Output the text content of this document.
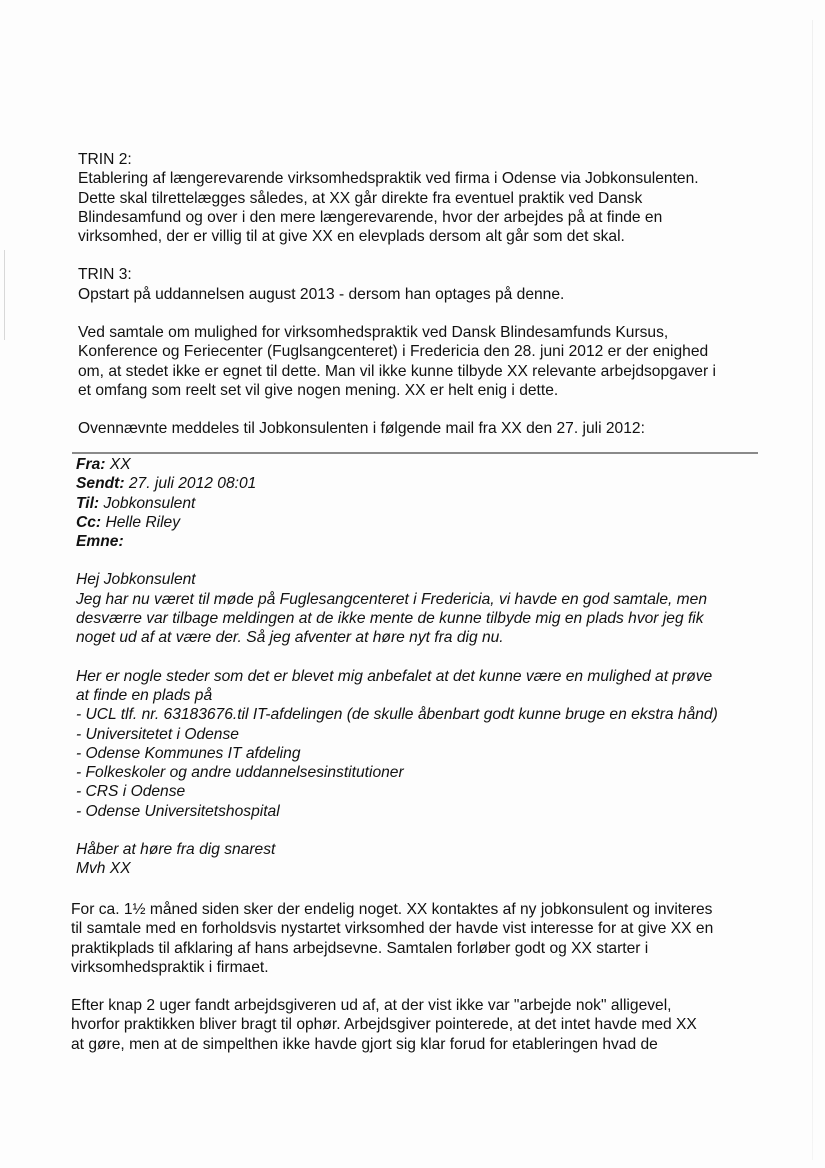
TRIN 2:
Etablering af længerevarende virksomhedspraktik ved firma i Odense via Jobkonsulenten.
Dette skal tilrettelægges således, at XX går direkte fra eventuel praktik ved Dansk
Blindesamfund og over i den mere længerevarende, hvor der arbejdes på at finde en
virksomhed, der er villig til at give XX en elevplads dersom alt går som det skal.
TRIN 3:
Opstart på uddannelsen august 2013 - dersom han optages på denne.
Ved samtale om mulighed for virksomhedspraktik ved Dansk Blindesamfunds Kursus,
Konference og Feriecenter (Fuglsangcenteret) i Fredericia den 28. juni 2012 er der enighed
om, at stedet ikke er egnet til dette. Man vil ikke kunne tilbyde XX relevante arbejdsopgaver i
et omfang som reelt set vil give nogen mening. XX er helt enig i dette.
Ovennævnte meddeles til Jobkonsulenten i følgende mail fra XX den 27. juli 2012:
Fra: XX
Sendt: 27. juli 2012 08:01
Til: Jobkonsulent
Cc: Helle Riley
Emne:
Hej Jobkonsulent
Jeg har nu været til møde på Fuglesangcenteret i Fredericia, vi havde en god samtale, men
desværre var tilbage meldingen at de ikke mente de kunne tilbyde mig en plads hvor jeg fik
noget ud af at være der. Så jeg afventer at høre nyt fra dig nu.
Her er nogle steder som det er blevet mig anbefalet at det kunne være en mulighed at prøve
at finde en plads på
- UCL tlf. nr. 63183676.til IT-afdelingen (de skulle åbenbart godt kunne bruge en ekstra hånd)
- Universitetet i Odense
- Odense Kommunes IT afdeling
- Folkeskoler og andre uddannelsesinstitutioner
- CRS i Odense
- Odense Universitetshospital
Håber at høre fra dig snarest
Mvh XX
For ca. 1½ måned siden sker der endelig noget. XX kontaktes af ny jobkonsulent og inviteres
til samtale med en forholdsvis nystartet virksomhed der havde vist interesse for at give XX en
praktikplads til afklaring af hans arbejdsevne. Samtalen forløber godt og XX starter i
virksomhedspraktik i firmaet.
Efter knap 2 uger fandt arbejdsgiveren ud af, at der vist ikke var "arbejde nok" alligevel,
hvorfor praktikken bliver bragt til ophør. Arbejdsgiver pointerede, at det intet havde med XX
at gøre, men at de simpelthen ikke havde gjort sig klar forud for etableringen hvad de
